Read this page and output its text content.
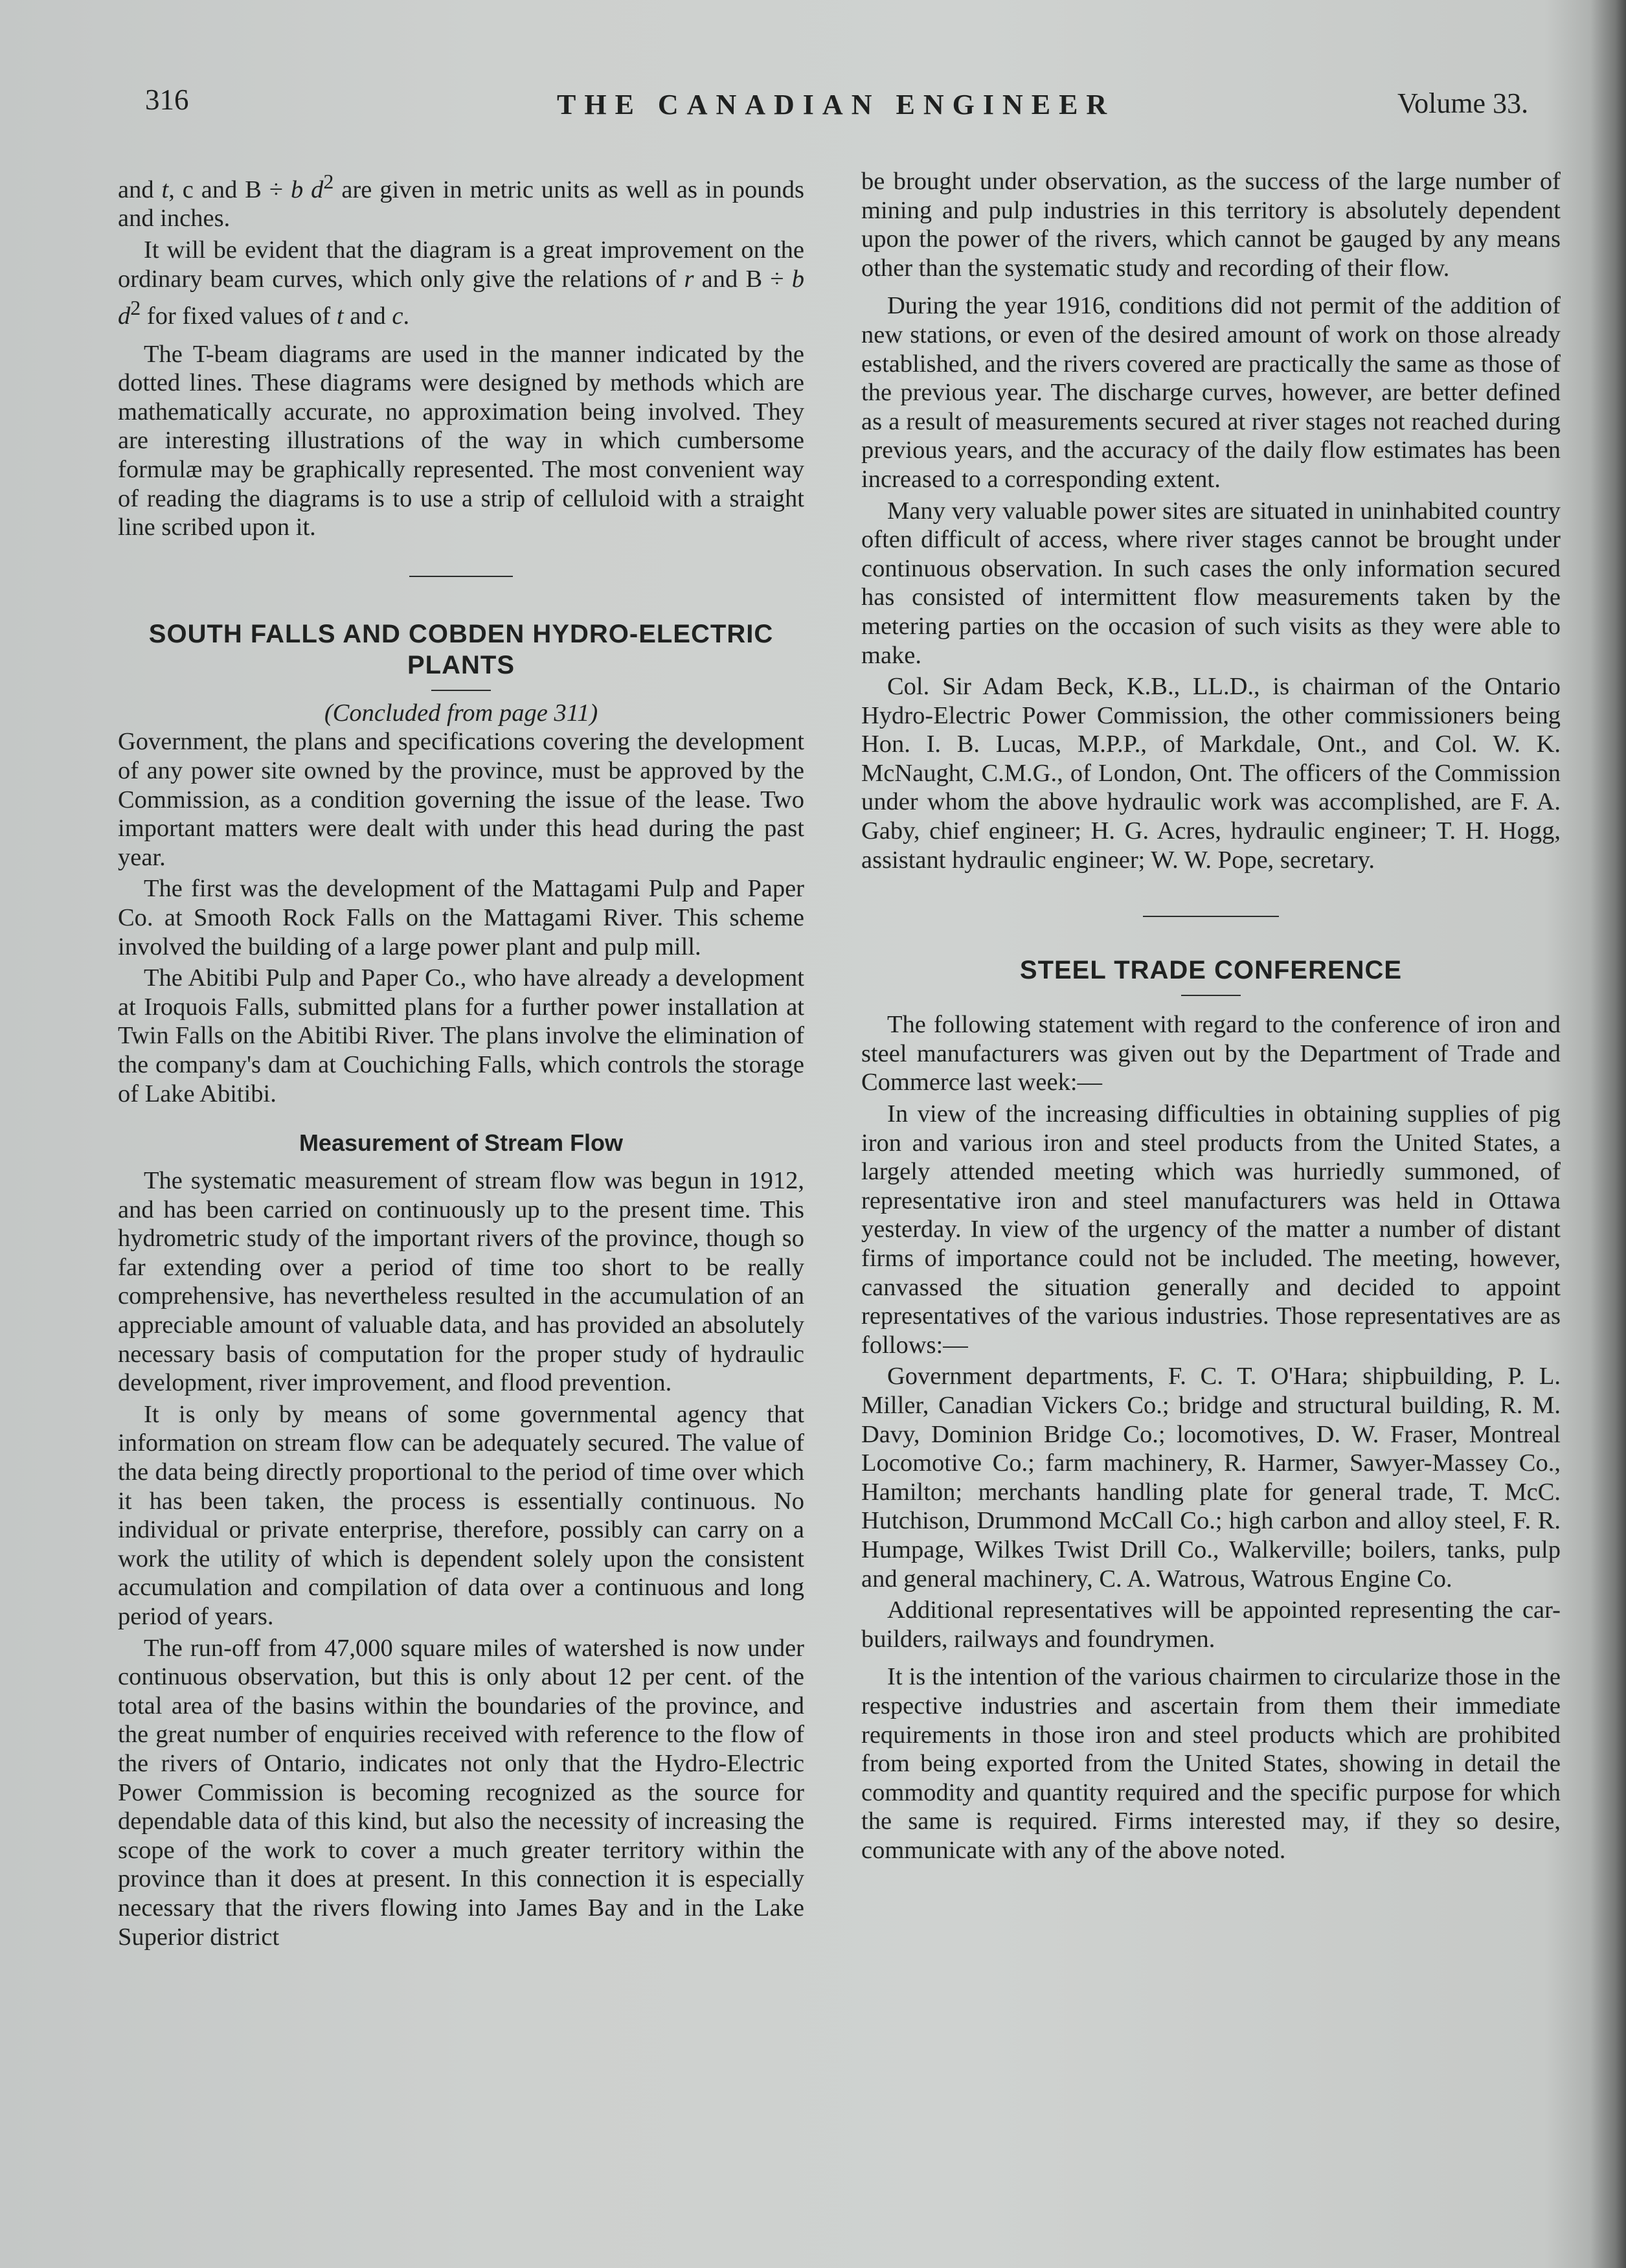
316	THE CANADIAN ENGINEER	Volume 33.

and t, c and B ÷ b $d^2$ are given in metric units as well as in pounds and inches.

It will be evident that the diagram is a great improvement on the ordinary beam curves, which only give the relations of r and B ÷ b $d^2$ for fixed values of t and c.

The T-beam diagrams are used in the manner indicated by the dotted lines. These diagrams were designed by methods which are mathematically accurate, no approximation being involved. They are interesting illustrations of the way in which cumbersome formulæ may be graphically represented. The most convenient way of reading the diagrams is to use a strip of celluloid with a straight line scribed upon it.

SOUTH FALLS AND COBDEN HYDRO-ELECTRIC PLANTS
(Concluded from page 311)

Government, the plans and specifications covering the development of any power site owned by the province, must be approved by the Commission, as a condition governing the issue of the lease. Two important matters were dealt with under this head during the past year.

The first was the development of the Mattagami Pulp and Paper Co. at Smooth Rock Falls on the Mattagami River. This scheme involved the building of a large power plant and pulp mill.

The Abitibi Pulp and Paper Co., who have already a development at Iroquois Falls, submitted plans for a further power installation at Twin Falls on the Abitibi River. The plans involve the elimination of the company's dam at Couchiching Falls, which controls the storage of Lake Abitibi.

Measurement of Stream Flow

The systematic measurement of stream flow was begun in 1912, and has been carried on continuously up to the present time. This hydrometric study of the important rivers of the province, though so far extending over a period of time too short to be really comprehensive, has nevertheless resulted in the accumulation of an appreciable amount of valuable data, and has provided an absolutely necessary basis of computation for the proper study of hydraulic development, river improvement, and flood prevention.

It is only by means of some governmental agency that information on stream flow can be adequately secured. The value of the data being directly proportional to the period of time over which it has been taken, the process is essentially continuous. No individual or private enterprise, therefore, possibly can carry on a work the utility of which is dependent solely upon the consistent accumulation and compilation of data over a continuous and long period of years.

The run-off from 47,000 square miles of watershed is now under continuous observation, but this is only about 12 per cent. of the total area of the basins within the boundaries of the province, and the great number of enquiries received with reference to the flow of the rivers of Ontario, indicates not only that the Hydro-Electric Power Commission is becoming recognized as the source for dependable data of this kind, but also the necessity of increasing the scope of the work to cover a much greater territory within the province than it does at present. In this connection it is especially necessary that the rivers flowing into James Bay and in the Lake Superior district

be brought under observation, as the success of the large number of mining and pulp industries in this territory is absolutely dependent upon the power of the rivers, which cannot be gauged by any means other than the systematic study and recording of their flow.

During the year 1916, conditions did not permit of the addition of new stations, or even of the desired amount of work on those already established, and the rivers covered are practically the same as those of the previous year. The discharge curves, however, are better defined as a result of measurements secured at river stages not reached during previous years, and the accuracy of the daily flow estimates has been increased to a corresponding extent.

Many very valuable power sites are situated in uninhabited country often difficult of access, where river stages cannot be brought under continuous observation. In such cases the only information secured has consisted of intermittent flow measurements taken by the metering parties on the occasion of such visits as they were able to make.

Col. Sir Adam Beck, K.B., LL.D., is chairman of the Ontario Hydro-Electric Power Commission, the other commissioners being Hon. I. B. Lucas, M.P.P., of Markdale, Ont., and Col. W. K. McNaught, C.M.G., of London, Ont. The officers of the Commission under whom the above hydraulic work was accomplished, are F. A. Gaby, chief engineer; H. G. Acres, hydraulic engineer; T. H. Hogg, assistant hydraulic engineer; W. W. Pope, secretary.

STEEL TRADE CONFERENCE

The following statement with regard to the conference of iron and steel manufacturers was given out by the Department of Trade and Commerce last week:—

In view of the increasing difficulties in obtaining supplies of pig iron and various iron and steel products from the United States, a largely attended meeting which was hurriedly summoned, of representative iron and steel manufacturers was held in Ottawa yesterday. In view of the urgency of the matter a number of distant firms of importance could not be included. The meeting, however, canvassed the situation generally and decided to appoint representatives of the various industries. Those representatives are as follows:—

Government departments, F. C. T. O'Hara; shipbuilding, P. L. Miller, Canadian Vickers Co.; bridge and structural building, R. M. Davy, Dominion Bridge Co.; locomotives, D. W. Fraser, Montreal Locomotive Co.; farm machinery, R. Harmer, Sawyer-Massey Co., Hamilton; merchants handling plate for general trade, T. McC. Hutchison, Drummond McCall Co.; high carbon and alloy steel, F. R. Humpage, Wilkes Twist Drill Co., Walkerville; boilers, tanks, pulp and general machinery, C. A. Watrous, Watrous Engine Co.

Additional representatives will be appointed representing the car-builders, railways and foundrymen.

It is the intention of the various chairmen to circularize those in the respective industries and ascertain from them their immediate requirements in those iron and steel products which are prohibited from being exported from the United States, showing in detail the commodity and quantity required and the specific purpose for which the same is required. Firms interested may, if they so desire, communicate with any of the above noted.
